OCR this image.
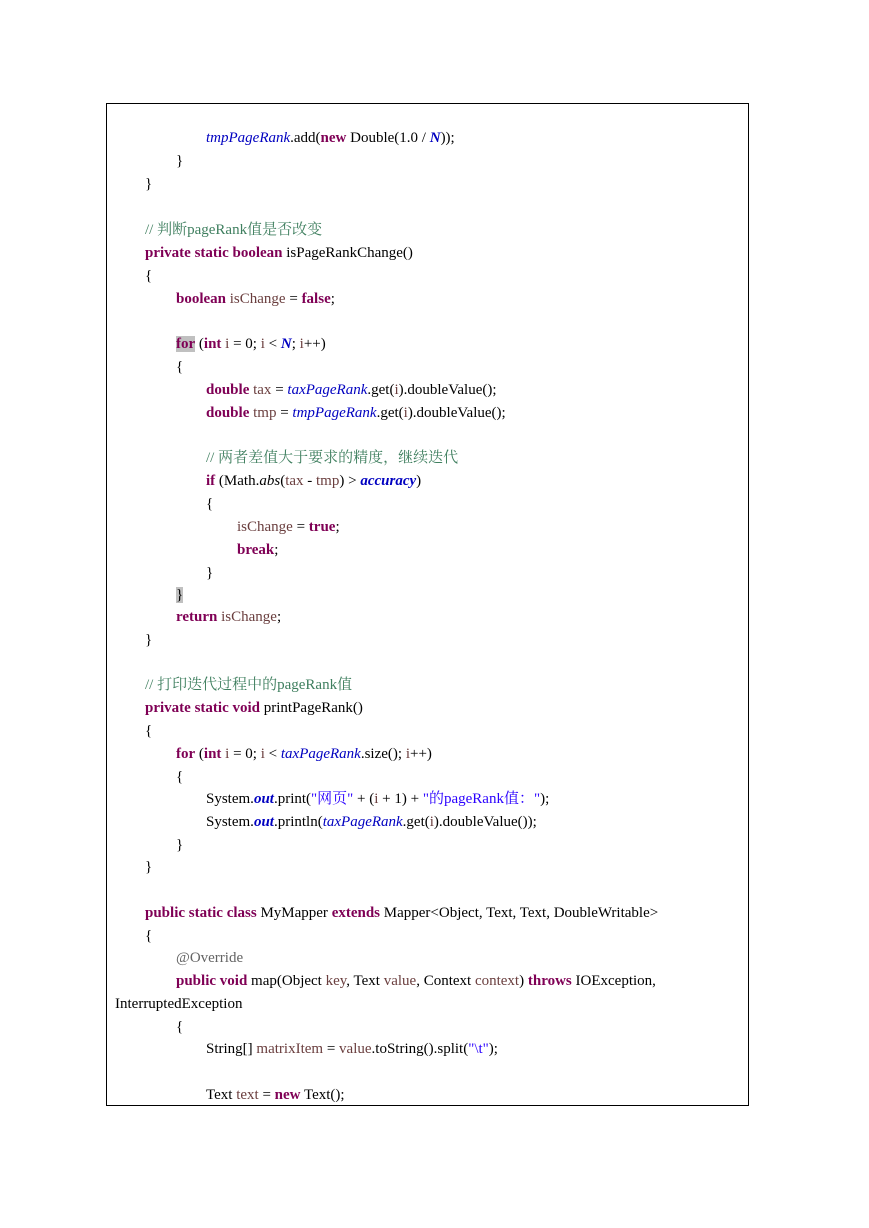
tmpPageRank.add(new Double(1.0 / N));
}
}
// 判断pageRank值是否改变
private static boolean isPageRankChange()
{
boolean isChange = false;
for (int i = 0; i < N; i++)
{
double tax = taxPageRank.get(i).doubleValue();
double tmp = tmpPageRank.get(i).doubleValue();
// 两者差值大于要求的精度，继续迭代
if (Math.abs(tax - tmp) > accuracy)
{
isChange = true;
break;
}
}
return isChange;
}
// 打印迭代过程中的pageRank值
private static void printPageRank()
{
for (int i = 0; i < taxPageRank.size(); i++)
{
System.out.print("网页" + (i + 1) + "的pageRank值：");
System.out.println(taxPageRank.get(i).doubleValue());
}
}
public static class MyMapper extends Mapper<Object, Text, Text, DoubleWritable>
{
@Override
public void map(Object key, Text value, Context context) throws IOException,
InterruptedException
{
String[] matrixItem = value.toString().split("\t");
Text text = new Text();
